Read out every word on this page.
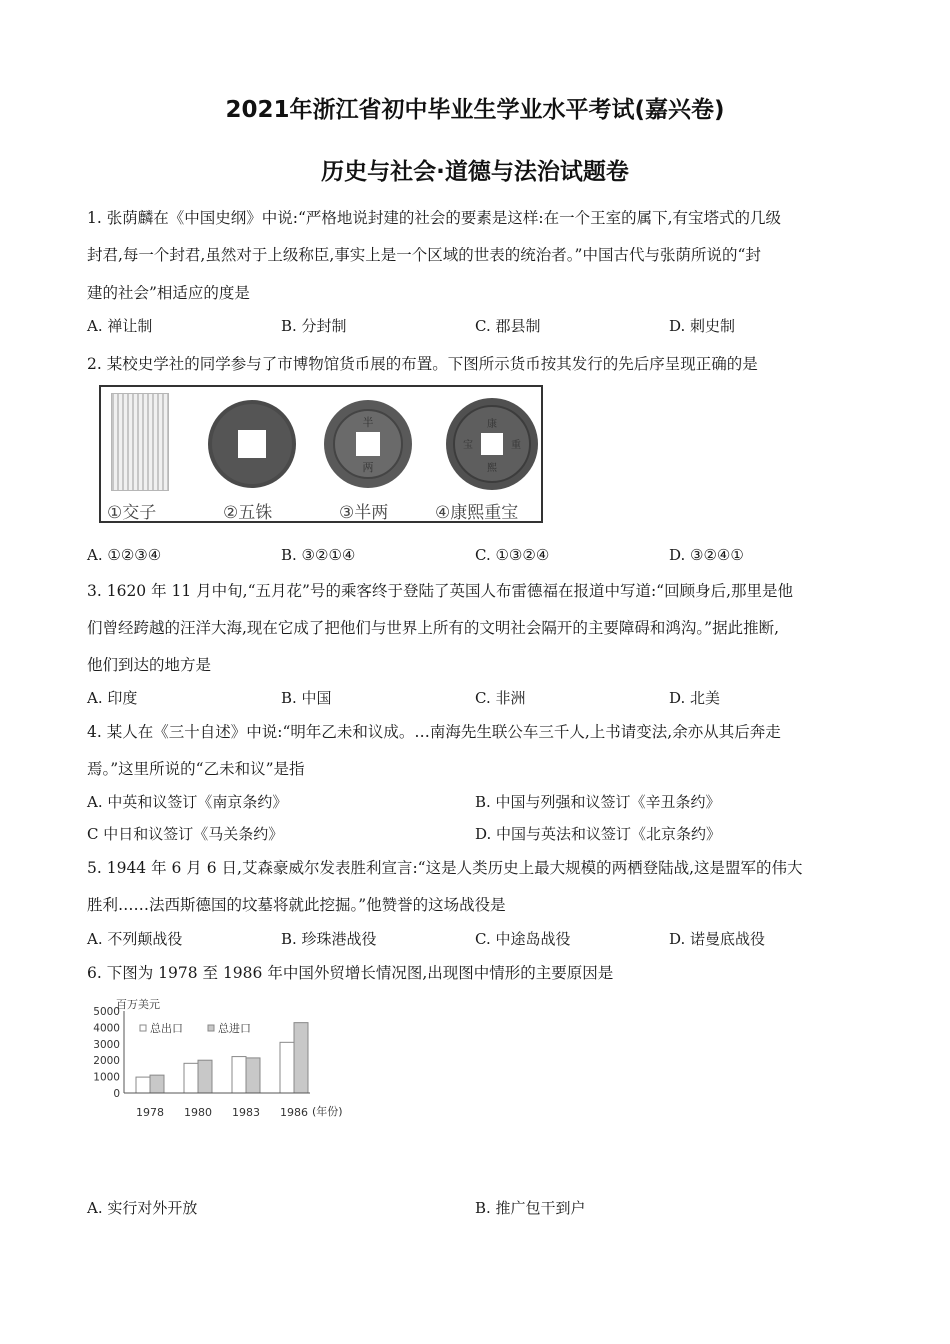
2021年浙江省初中毕业生学业水平考试(嘉兴卷)
历史与社会·道德与法治试题卷
1. 张荫麟在《中国史纲》中说:“严格地说封建的社会的要素是这样:在一个王室的属下,有宝塔式的几级
封君,每一个封君,虽然对于上级称臣,事实上是一个区域的世表的统治者。”中国古代与张荫所说的“封
建的社会”相适应的度是
A. 禅让制	B. 分封制	C. 郡县制	D. 刺史制
2. 某校史学社的同学参与了市博物馆货币展的布置。下图所示货币按其发行的先后序呈现正确的是
半
两
康
熙
宝	重
①交子	②五铢	③半两	④康熙重宝
A. ①②③④	B. ③②①④	C. ①③②④	D. ③②④①
3. 1620 年 11 月中旬,“五月花”号的乘客终于登陆了英国人布雷德福在报道中写道:“回顾身后,那里是他
们曾经跨越的汪洋大海,现在它成了把他们与世界上所有的文明社会隔开的主要障碍和鸿沟。”据此推断,
他们到达的地方是
A. 印度	B. 中国	C. 非洲	D. 北美
4. 某人在《三十自述》中说:“明年乙未和议成。…南海先生联公车三千人,上书请变法,余亦从其后奔走
焉。”这里所说的“乙未和议”是指
A. 中英和议签订《南京条约》	B. 中国与列强和议签订《辛丑条约》
C 中日和议签订《马关条约》	D. 中国与英法和议签订《北京条约》
5. 1944 年 6 月 6 日,艾森豪威尔发表胜利宣言:“这是人类历史上最大规模的两栖登陆战,这是盟军的伟大
胜利……法西斯德国的坟墓将就此挖掘。”他赞誉的这场战役是
A. 不列颠战役	B. 珍珠港战役	C. 中途岛战役	D. 诺曼底战役
6. 下图为 1978 至 1986 年中国外贸增长情况图,出现图中情形的主要原因是
百万美元
0
1000
2000
3000
4000
5000
1978 1980 1983 1986
总出口	总进口
(年份)
A. 实行对外开放	B. 推广包干到户
